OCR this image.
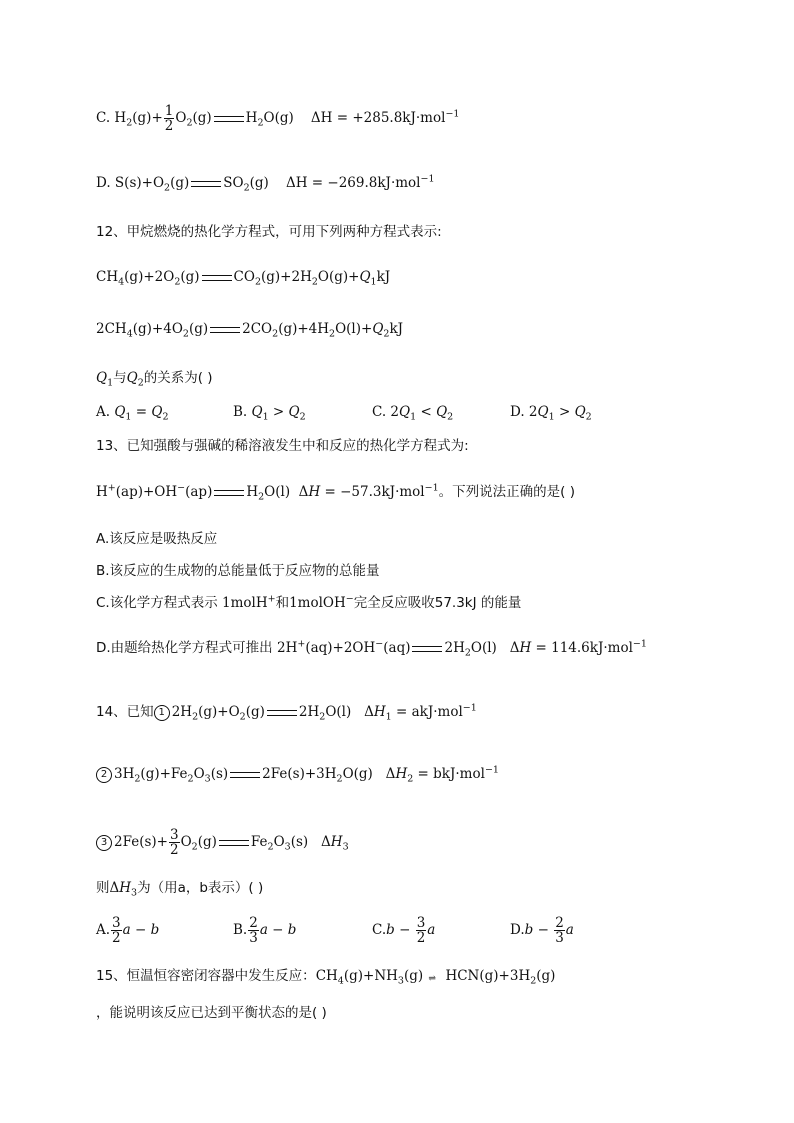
C. $H_2(g)+ \frac{1}{2} O_2(g)$	$H_2O(g)$    ΔH = +285.8kJ·mol$^{-1}$
D. $S(s)+O_2(g)$	$SO_2(g)$    ΔH = −269.8kJ·mol$^{-1}$
12、甲烷燃烧的热化学方程式，可用下列两种方程式表示:
$CH_4(g)+2O_2(g)$	$CO_2(g)+2H_2O(g)+Q_1kJ$
$2CH_4(g)+4O_2(g)$	$2CO_2(g)+4H_2O(l)+Q_2kJ$
$Q_1$与$Q_2$的关系为( )
A. $Q_1 = Q_2$	B. $Q_1 > Q_2$	C. $2Q_1 < Q_2$	D. $2Q_1 > Q_2$
13、已知强酸与强碱的稀溶液发生中和反应的热化学方程式为:
H+(ap)+OH−(ap)	$H_2O(l) \Delta H = -57.3kJ\cdot mol^{-1}$。下列说法正确的是( )
A.该反应是吸热反应
B.该反应的生成物的总能量低于反应物的总能量
C.该化学方程式表示 1molH+和1molOH−完全反应吸收57.3kJ 的能量
D.由题给热化学方程式可推出 2H+(aq)+2OH−(aq)	$2H_2O(l) \Delta H = 114.6kJ\cdot mol^{-1}$
14、已知 1 $2H_2(g)+O_2(g)$	$2H_2O(l) \Delta H_1 = akJ\cdot mol^{-1}$
2 $3H_2(g)+Fe_2O_3(s)$	$2Fe(s)+3H_2O(g) \Delta H_2 = bkJ\cdot mol^{-1}$
3 $2Fe(s)+ \frac{3}{2} O_2(g)$	$Fe_2O_3(s)$   $\Delta H_3$
则$\Delta H_3$为（用a，b表示）( )
A. $\frac{3}{2}$ a − b	B. $\frac{2}{3}$ a − b	$C.b - \frac{3}{2}$ a	$D.b - \frac{2}{3}$ a
15、恒温恒容密闭容器中发生反应：$CH_4(g)+NH_3(g)$ ⇌ $HCN(g)+3H_2(g)$
，能说明该反应已达到平衡状态的是( )
